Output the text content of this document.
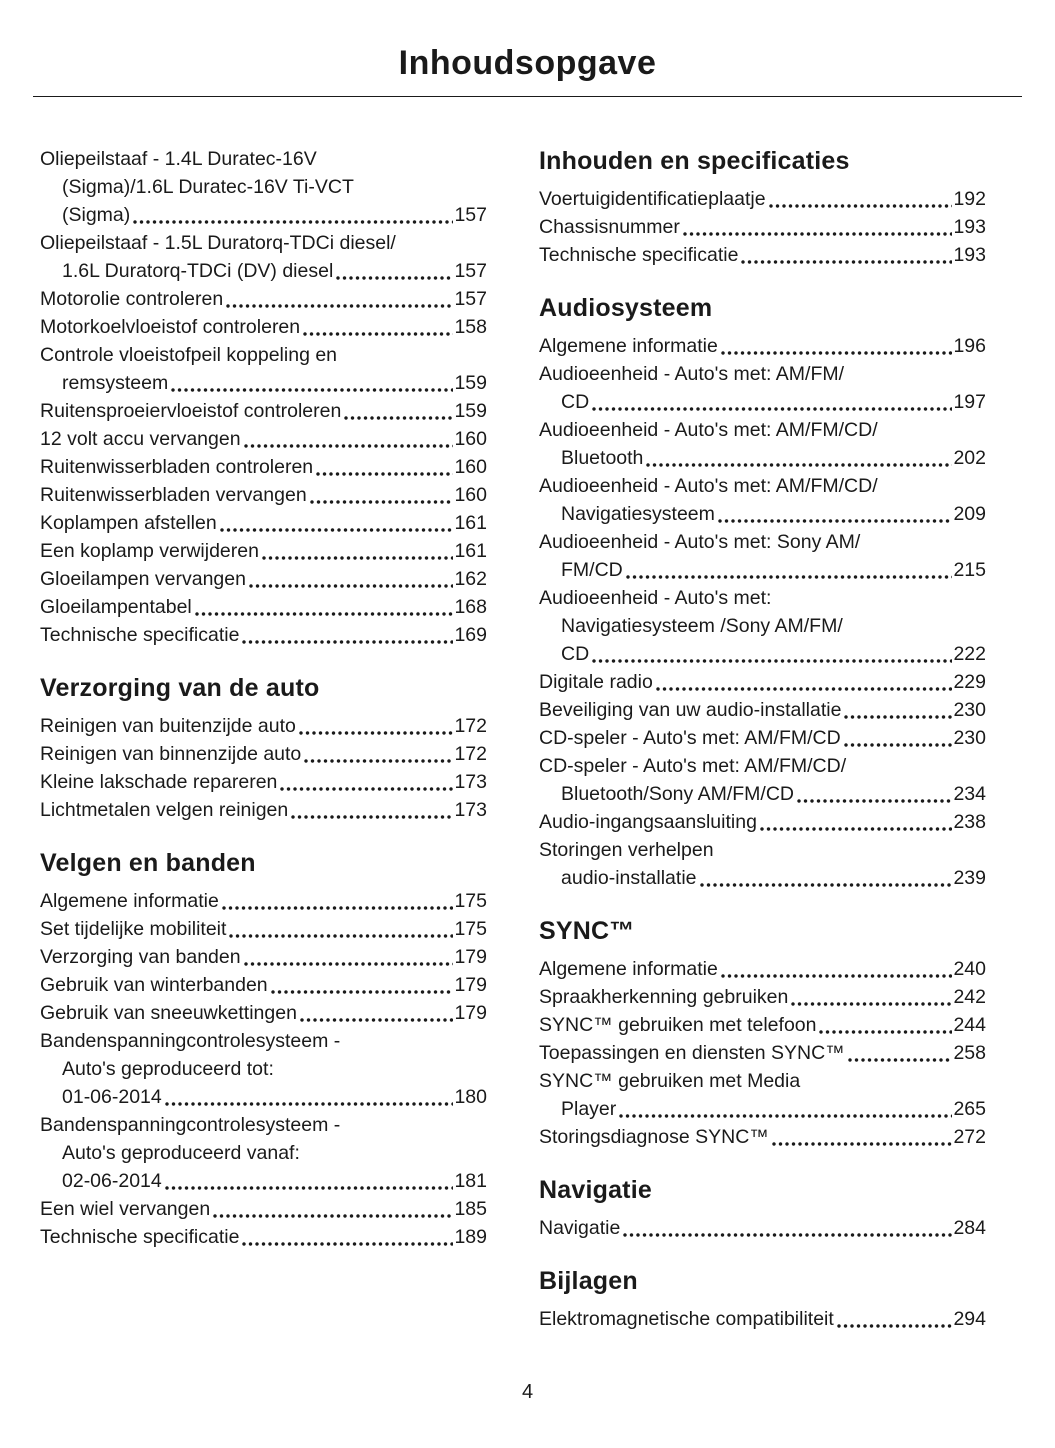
Inhoudsopgave
Oliepeilstaaf - 1.4L Duratec-16V
(Sigma)/1.6L Duratec-16V Ti-VCT
(Sigma)	157
Oliepeilstaaf - 1.5L Duratorq-TDCi diesel/
1.6L Duratorq-TDCi (DV) diesel	157
Motorolie controleren	157
Motorkoelvloeistof controleren	158
Controle vloeistofpeil koppeling en
remsysteem	159
Ruitensproeiervloeistof controleren	159
12 volt accu vervangen	160
Ruitenwisserbladen controleren	160
Ruitenwisserbladen vervangen	160
Koplampen afstellen	161
Een koplamp verwijderen	161
Gloeilampen vervangen	162
Gloeilampentabel	168
Technische specificatie	169
Verzorging van de auto
Reinigen van buitenzijde auto	172
Reinigen van binnenzijde auto	172
Kleine lakschade repareren	173
Lichtmetalen velgen reinigen	173
Velgen en banden
Algemene informatie	175
Set tijdelijke mobiliteit	175
Verzorging van banden	179
Gebruik van winterbanden	179
Gebruik van sneeuwkettingen	179
Bandenspanningcontrolesysteem -
Auto's geproduceerd tot:
01-06-2014	180
Bandenspanningcontrolesysteem -
Auto's geproduceerd vanaf:
02-06-2014	181
Een wiel vervangen	185
Technische specificatie	189
Inhouden en specificaties
Voertuigidentificatieplaatje	192
Chassisnummer	193
Technische specificatie	193
Audiosysteem
Algemene informatie	196
Audioeenheid - Auto's met: AM/FM/
CD	197
Audioeenheid - Auto's met: AM/FM/CD/
Bluetooth	202
Audioeenheid - Auto's met: AM/FM/CD/
Navigatiesysteem	209
Audioeenheid - Auto's met: Sony AM/
FM/CD	215
Audioeenheid - Auto's met:
Navigatiesysteem /Sony AM/FM/
CD	222
Digitale radio	229
Beveiliging van uw audio-installatie	230
CD-speler - Auto's met: AM/FM/CD	230
CD-speler - Auto's met: AM/FM/CD/
Bluetooth/Sony AM/FM/CD	234
Audio-ingangsaansluiting	238
Storingen verhelpen
audio-installatie	239
SYNC™
Algemene informatie	240
Spraakherkenning gebruiken	242
SYNC™ gebruiken met telefoon	244
Toepassingen en diensten SYNC™	258
SYNC™ gebruiken met Media
Player	265
Storingsdiagnose SYNC™	272
Navigatie
Navigatie	284
Bijlagen
Elektromagnetische compatibiliteit	294
4
